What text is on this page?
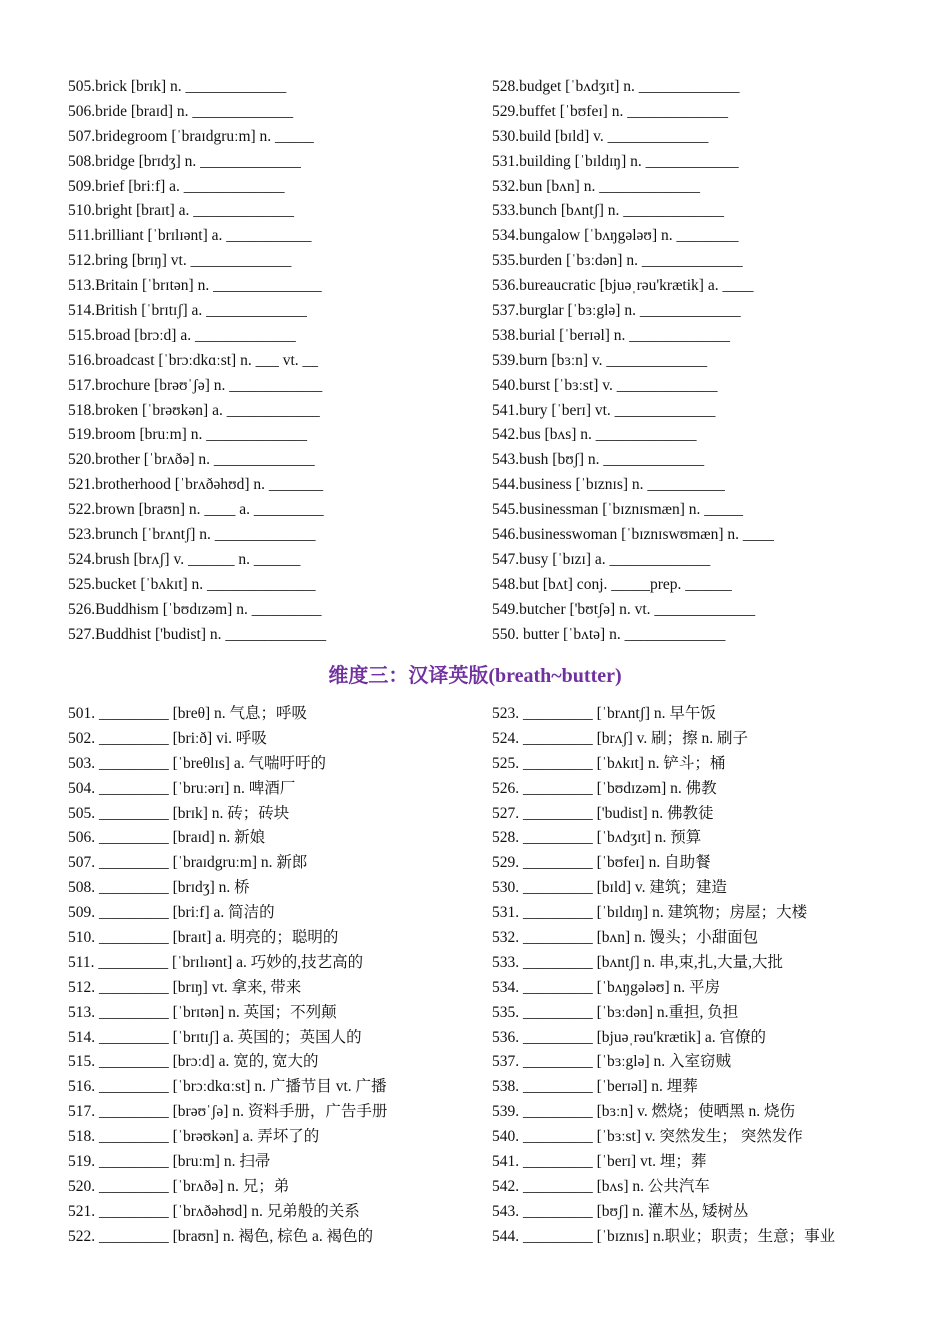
505.brick [brɪk] n. _____________
506.bride [braɪd] n. _____________
507.bridegroom [ˈbraɪdgruːm] n. _____
508.bridge [brɪdʒ] n. _____________
509.brief [briːf] a. _____________
510.bright [braɪt] a. _____________
511.brilliant [ˈbrɪlɪənt] a. ___________
512.bring [brɪŋ] vt. _____________
513.Britain [ˈbrɪtən] n. ______________
514.British [ˈbrɪtɪʃ] a. _____________
515.broad [brɔːd] a. _____________
516.broadcast [ˈbrɔːdkɑːst] n. ___ vt. __
517.brochure [brəʊˈʃə] n. ____________
518.broken [ˈbrəʊkən] a. ____________
519.broom [bruːm] n. _____________
520.brother [ˈbrʌðə] n. _____________
521.brotherhood [ˈbrʌðəhʊd] n. _______
522.brown [braʊn] n. ____ a. _________
523.brunch [ˈbrʌntʃ] n. _____________
524.brush [brʌʃ] v. ______ n. ______
525.bucket [ˈbʌkɪt] n. ______________
526.Buddhism [ˈbʊdɪzəm] n. _________
527.Buddhist ['budist] n. _____________
528.budget [ˈbʌdʒɪt] n. _____________
529.buffet [ˈbʊfeɪ] n. _____________
530.build [bɪld] v. _____________
531.building [ˈbɪldɪŋ] n. ____________
532.bun [bʌn] n. _____________
533.bunch [bʌntʃ] n. _____________
534.bungalow [ˈbʌŋgələʊ] n. ________
535.burden [ˈbɜːdən] n. _____________
536.bureaucratic [bjuəˌrəu'krætik] a. ____
537.burglar [ˈbɜːglə] n. _____________
538.burial [ˈberɪəl] n. _____________
539.burn [bɜːn] v. _____________
540.burst [ˈbɜːst] v. _____________
541.bury [ˈberɪ] vt. _____________
542.bus [bʌs] n. _____________
543.bush [bʊʃ] n. _____________
544.business [ˈbɪznɪs] n. __________
545.businessman [ˈbɪznɪsmæn] n. _____
546.businesswoman [ˈbɪznɪswʊmæn] n. ____
547.busy [ˈbɪzɪ] a. _____________
548.but [bʌt] conj. _____prep. ______
549.butcher ['bʊtʃə] n. vt. _____________
550. butter [ˈbʌtə] n. _____________
维度三：汉译英版(breath~butter)
501. _________ [breθ] n. 气息；呼吸
502. _________ [briːð] vi. 呼吸
503. _________ [ˈbreθlɪs] a. 气喘吁吁的
504. _________ [ˈbruːərɪ] n. 啤酒厂
505. _________ [brɪk] n. 砖；砖块
506. _________ [braɪd] n. 新娘
507. _________ [ˈbraɪdgruːm] n. 新郎
508. _________ [brɪdʒ] n. 桥
509. _________ [briːf] a. 简洁的
510. _________ [braɪt] a. 明亮的；聪明的
511. _________ [ˈbrɪlɪənt] a. 巧妙的,技艺高的
512. _________ [brɪŋ] vt. 拿来, 带来
513. _________ [ˈbrɪtən] n. 英国；不列颠
514. _________ [ˈbrɪtɪʃ] a. 英国的；英国人的
515. _________ [brɔːd] a. 宽的, 宽大的
516. _________ [ˈbrɔːdkɑːst] n. 广播节目 vt. 广播
517. _________ [brəʊˈʃə] n. 资料手册，广告手册
518. _________ [ˈbrəʊkən] a. 弄坏了的
519. _________ [bruːm] n. 扫帚
520. _________ [ˈbrʌðə] n. 兄；弟
521. _________ [ˈbrʌðəhʊd] n. 兄弟般的关系
522. _________ [braʊn] n. 褐色, 棕色 a. 褐色的
523. _________ [ˈbrʌntʃ] n. 早午饭
524. _________ [brʌʃ] v. 刷；擦 n. 刷子
525. _________ [ˈbʌkɪt] n. 铲斗；桶
526. _________ [ˈbʊdɪzəm] n. 佛教
527. _________ ['budist] n. 佛教徒
528. _________ [ˈbʌdʒɪt] n. 预算
529. _________ [ˈbʊfeɪ] n. 自助餐
530. _________ [bɪld] v. 建筑；建造
531. _________ [ˈbɪldɪŋ] n. 建筑物；房屋；大楼
532. _________ [bʌn] n. 馒头；小甜面包
533. _________ [bʌntʃ] n. 串,束,扎,大量,大批
534. _________ [ˈbʌŋgələʊ] n. 平房
535. _________ [ˈbɜːdən] n.重担, 负担
536. _________ [bjuəˌrəu'krætik] a. 官僚的
537. _________ [ˈbɜːglə] n. 入室窃贼
538. _________ [ˈberɪəl] n. 埋葬
539. _________ [bɜːn] v. 燃烧；使晒黑 n. 烧伤
540. _________ [ˈbɜːst] v. 突然发生； 突然发作
541. _________ [ˈberɪ] vt. 埋；葬
542. _________ [bʌs] n. 公共汽车
543. _________ [bʊʃ] n. 灌木丛, 矮树丛
544. _________ [ˈbɪznɪs] n.职业；职责；生意；事业
